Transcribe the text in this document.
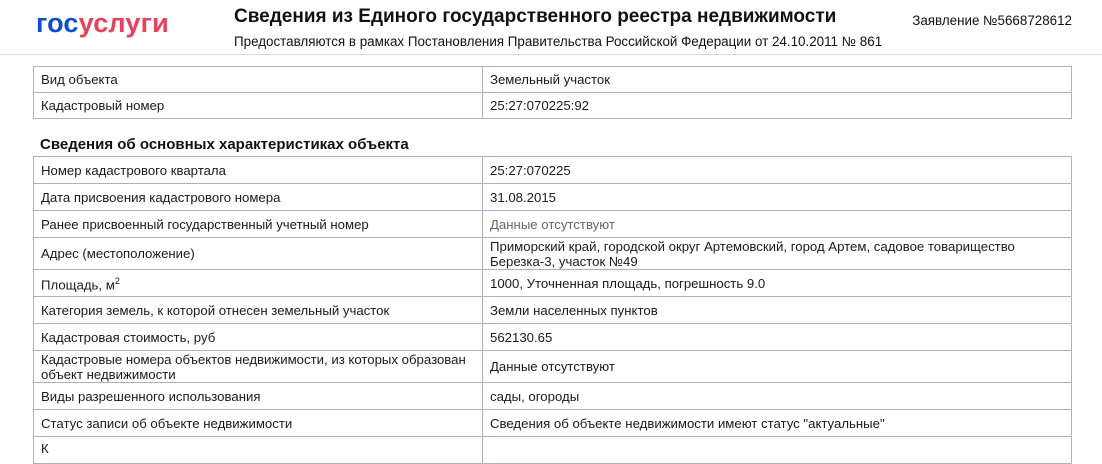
госуслуги	Сведения из Единого государственного реестра недвижимости
Предоставляются в рамках Постановления Правительства Российской Федерации от 24.10.2011 № 861
Заявление №5668728612
Вид объекта	Земельный участок
Кадастровый номер	25:27:070225:92
Сведения об основных характеристиках объекта
Номер кадастрового квартала	25:27:070225
Дата присвоения кадастрового номера	31.08.2015
Ранее присвоенный государственный учетный номер	Данные отсутствуют
Адрес (местоположение)	Приморский край, городской округ Артемовский, город Артем, садовое товарищество Березка-3, участок №49
Площадь, $м^2$	1000, Уточненная площадь, погрешность 9.0
Категория земель, к которой отнесен земельный участок	Земли населенных пунктов
Кадастровая стоимость, руб	562130.65
Кадастровые номера объектов недвижимости, из которых образован объект недвижимости	Данные отсутствуют
Виды разрешенного использования	сады, огороды
Статус записи об объекте недвижимости	Сведения об объекте недвижимости имеют статус "актуальные"
К	
